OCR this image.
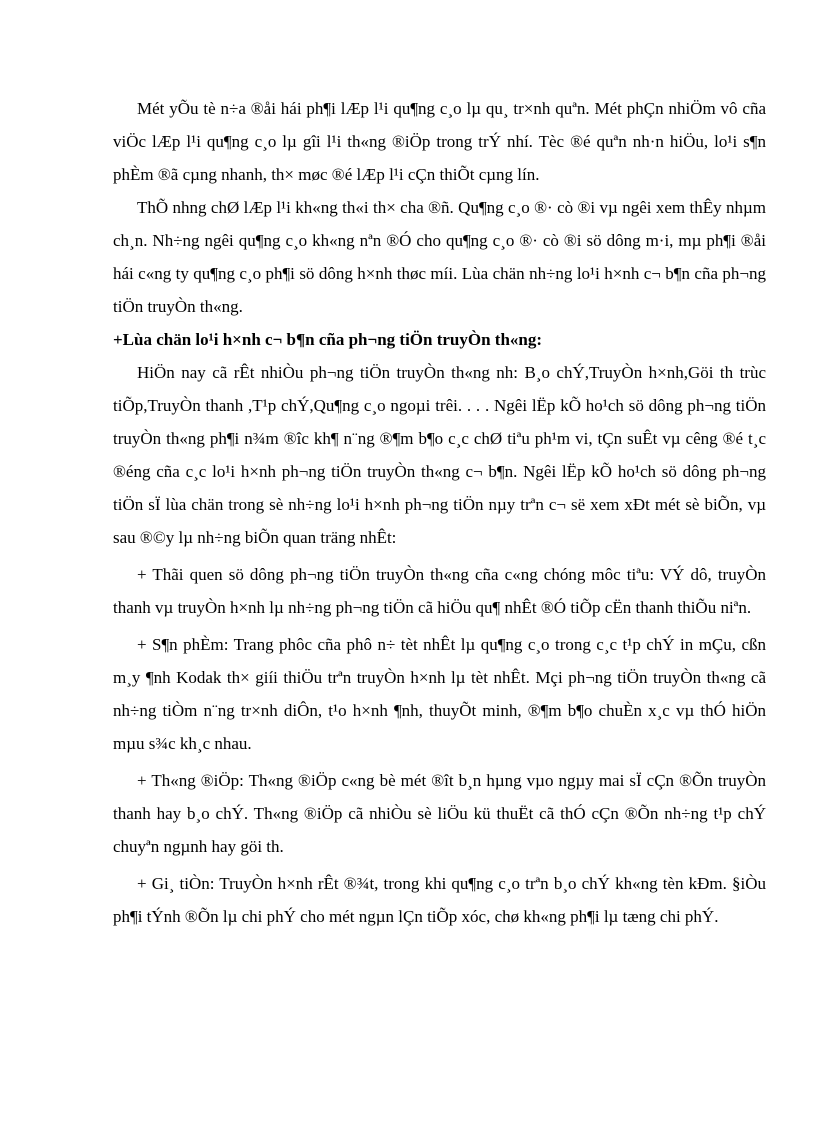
Mét yÕu tè n÷a ®åi hái ph¶i lÆp l¹i qu¶ng c¸o lµ qu¸ tr×nh quªn. Mét phÇn nhiÖm vô cña viÖc lÆp l¹i qu¶ng c¸o lµ gîi l¹i th«ng ®iÖp trong trÝ nhí. Tèc ®é quªn nh·n hiÖu, lo¹i s¶n phÈm ®ã cµng nhanh, th× møc ®é lÆp l¹i cÇn thiÕt cµng lín.

ThÕ nhng chØ lÆp l¹i kh«ng th«i th× cha ®ñ. Qu¶ng c¸o ®· cò ®i vµ ngêi xem thÊy nhµm ch¸n. Nh÷ng ngêi qu¶ng c¸o kh«ng nªn ®Ó cho qu¶ng c¸o ®· cò ®i sö dông m·i, mµ ph¶i ®åi hái c«ng ty qu¶ng c¸o ph¶i sö dông h×nh thøc míi. Lùa chän nh÷ng lo¹i h×nh c¬ b¶n cña ph¬ng tiÖn truyÒn th«ng.

+Lùa chän lo¹i h×nh c¬ b¶n cña ph¬ng tiÖn truyÒn th«ng:

HiÖn nay cã rÊt nhiÒu ph¬ng tiÖn truyÒn th«ng nh: B¸o chÝ,TruyÒn h×nh,Göi th trùc tiÕp,TruyÒn thanh ,T¹p chÝ,Qu¶ng c¸o ngoµi trêi. . . . Ngêi lËp kÕ ho¹ch sö dông ph¬ng tiÖn truyÒn th«ng ph¶i n¾m ®îc kh¶ n¨ng ®¶m b¶o c¸c chØ tiªu ph¹m vi, tÇn suÊt vµ cêng ®é t¸c ®éng cña c¸c lo¹i h×nh ph¬ng tiÖn truyÒn th«ng c¬ b¶n. Ngêi lËp kÕ ho¹ch sö dông ph¬ng tiÖn sÏ lùa chän trong sè nh÷ng lo¹i h×nh ph¬ng tiÖn nµy trªn c¬ së xem xÐt mét sè biÕn, vµ sau ®©y lµ nh÷ng biÕn quan träng nhÊt:

+ Thãi quen sö dông ph¬ng tiÖn truyÒn th«ng cña c«ng chóng môc tiªu: VÝ dô, truyÒn thanh vµ truyÒn h×nh lµ nh÷ng ph¬ng tiÖn cã hiÖu qu¶ nhÊt ®Ó tiÕp cËn thanh thiÕu niªn.

+ S¶n phÈm: Trang phôc cña phô n÷ tèt nhÊt lµ qu¶ng c¸o trong c¸c t¹p chÝ in mÇu, cßn m¸y ¶nh Kodak th× giíi thiÖu trªn truyÒn h×nh lµ tèt nhÊt. Mçi ph¬ng tiÖn truyÒn th«ng cã nh÷ng tiÒm n¨ng tr×nh diÔn, t¹o h×nh ¶nh, thuyÕt minh, ®¶m b¶o chuÈn x¸c vµ thÓ hiÖn mµu s¾c kh¸c nhau.

+ Th«ng ®iÖp: Th«ng ®iÖp c«ng bè mét ®ît b¸n hµng vµo ngµy mai sÏ cÇn ®Õn truyÒn thanh hay b¸o chÝ. Th«ng ®iÖp cã nhiÒu sè liÖu kü thuËt cã thÓ cÇn ®Õn nh÷ng t¹p chÝ chuyªn ngµnh hay göi th.

+ Gi¸ tiÒn: TruyÒn h×nh rÊt ®¾t, trong khi qu¶ng c¸o trªn b¸o chÝ kh«ng tèn kÐm. §iÒu ph¶i tÝnh ®Õn lµ chi phÝ cho mét ngµn lÇn tiÕp xóc, chø kh«ng ph¶i lµ tæng chi phÝ.
